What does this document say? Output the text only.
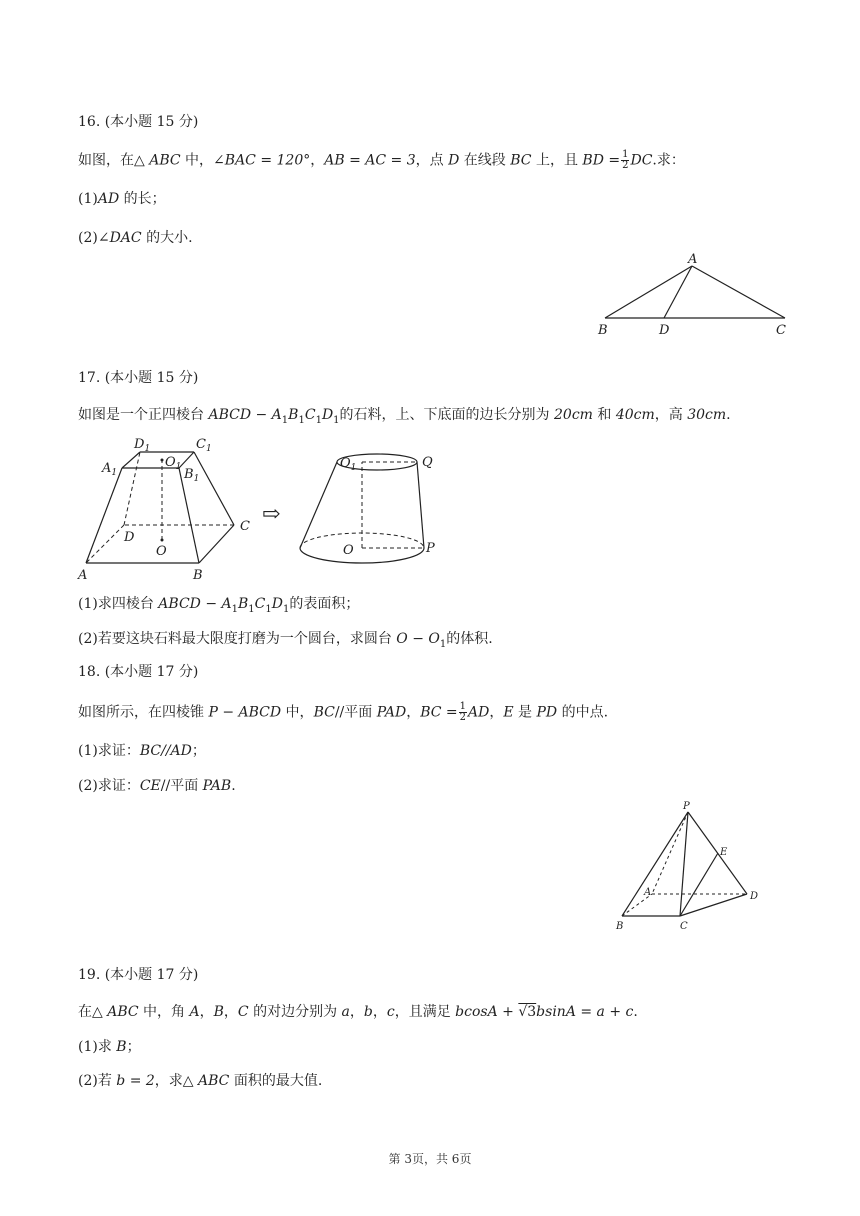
16. (本小题 15 分)
如图，在△ ABC 中，∠BAC = 120°，AB = AC = 3，点 D 在线段 BC 上，且 BD = $\frac{1}{2}$ DC.求：
(1)AD 的长；
(2)∠DAC 的大小.
A
B	D	C
17. (本小题 15 分)
如图是一个正四棱台 ABCD − $A_1B_1C_1D_1$的石料，上、下底面的边长分别为 20cm 和 40cm，高 30cm.
A	B
C
D
O
$A_1$	$B_1$
$C_1$
$D_1$
$O_1$
⇨
$O_1$	Q
O	P
(1)求四棱台 ABCD − $A_1B_1C_1D_1$的表面积；
(2)若要这块石料最大限度打磨为一个圆台，求圆台 $O - O_1$的体积.
18. (本小题 17 分)
如图所示，在四棱锥 P − ABCD 中，BC//平面 PAD，BC = $\frac{1}{2}$ AD，E 是 PD 的中点.
(1)求证：BC//AD；
(2)求证：CE//平面 PAB.
P
E
A	D
B	C
19. (本小题 17 分)
在△ ABC 中，角 A，B，C 的对边分别为 a，b，c，且满足 bcosA + √3bsinA = a + c.
(1)求 B；
(2)若 b = 2，求△ ABC 面积的最大值.
第 3页，共 6页
